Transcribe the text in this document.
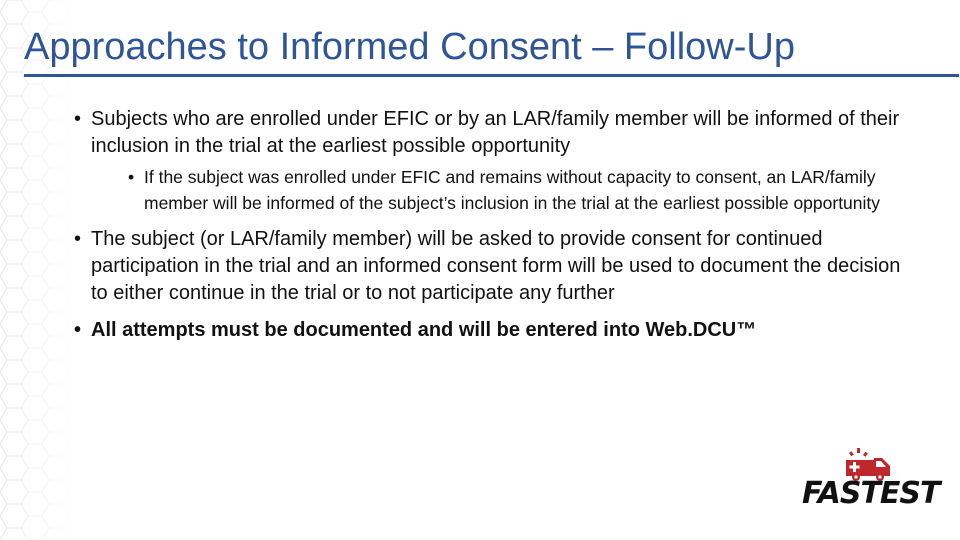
Approaches to Informed Consent – Follow-Up
• Subjects who are enrolled under EFIC or by an LAR/family member will be informed of their inclusion in the trial at the earliest possible opportunity
• If the subject was enrolled under EFIC and remains without capacity to consent, an LAR/family member will be informed of the subject’s inclusion in the trial at the earliest possible opportunity
• The subject (or LAR/family member) will be asked to provide consent for continued participation in the trial and an informed consent form will be used to document the decision to either continue in the trial or to not participate any further
• All attempts must be documented and will be entered into Web.DCU™
FASTEST
